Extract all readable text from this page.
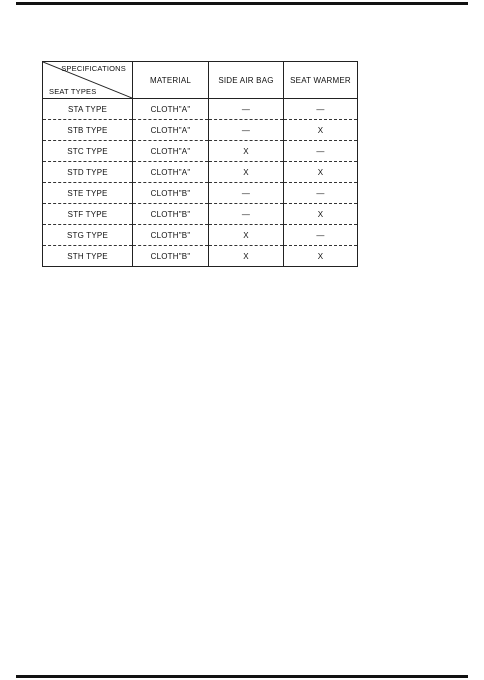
SPECIFICATIONS
SEAT TYPES	MATERIAL	SIDE AIR BAG	SEAT WARMER
STA TYPE	CLOTH"A"	—	—
STB TYPE	CLOTH"A"	—	X
STC TYPE	CLOTH"A"	X	—
STD TYPE	CLOTH"A"	X	X
STE TYPE	CLOTH"B"	—	—
STF TYPE	CLOTH"B"	—	X
STG TYPE	CLOTH"B"	X	—
STH TYPE	CLOTH"B"	X	X
